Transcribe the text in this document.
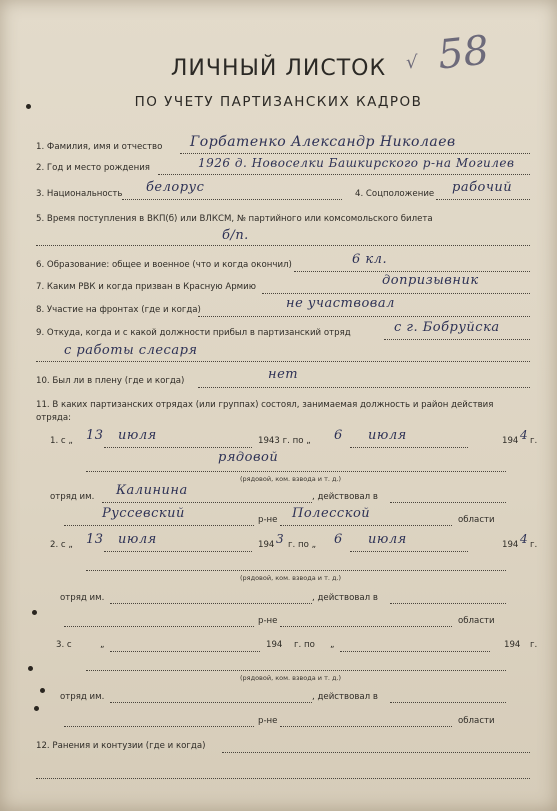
ЛИЧНЫЙ ЛИСТОК
ПО УЧЕТУ ПАРТИЗАНСКИХ КАДРОВ
√ 58
1. Фамилия, имя и отчество Горбатенко Александр Николаев
2. Год и место рождения	1926 д. Новоселки Башкирского р-на Могилев
3. Национальность белорус	4. Соцположение рабочий
5. Время поступления в ВКП(б) или ВЛКСМ, № партийного или комсомольского билета
б/п.
6. Образование: общее и военное (что и когда окончил)	6 кл.
7. Каким РВК и когда призван в Красную Армию	допризывник
8. Участие на фронтах (где и когда)	не участвовал
9. Откуда, когда и с какой должности прибыл в партизанский отряд	с г. Бобруйска
с работы слесаря
10. Был ли в плену (где и когда)	нет
11. В каких партизанских отрядах (или группах) состоял, занимаемая должность и район действия
отряда:
1. с „ 13 июля	1943 г. по „ 6 июля	194 4 г.
рядовой
(рядовой, ком. взвода и т. д.)
отряд им. Калинина	, действовал в
Руссевский	р-не Полесской	области
2. с „ 13 июля	194 3 г. по „ 6 июля	194 4 г.
(рядовой, ком. взвода и т. д.)
отряд им.	, действовал в
р-не	области
3. с	„	194 г. по „	194 г.
(рядовой, ком. взвода и т. д.)
отряд им.	, действовал в
р-не	области
12. Ранения и контузии (где и когда)
